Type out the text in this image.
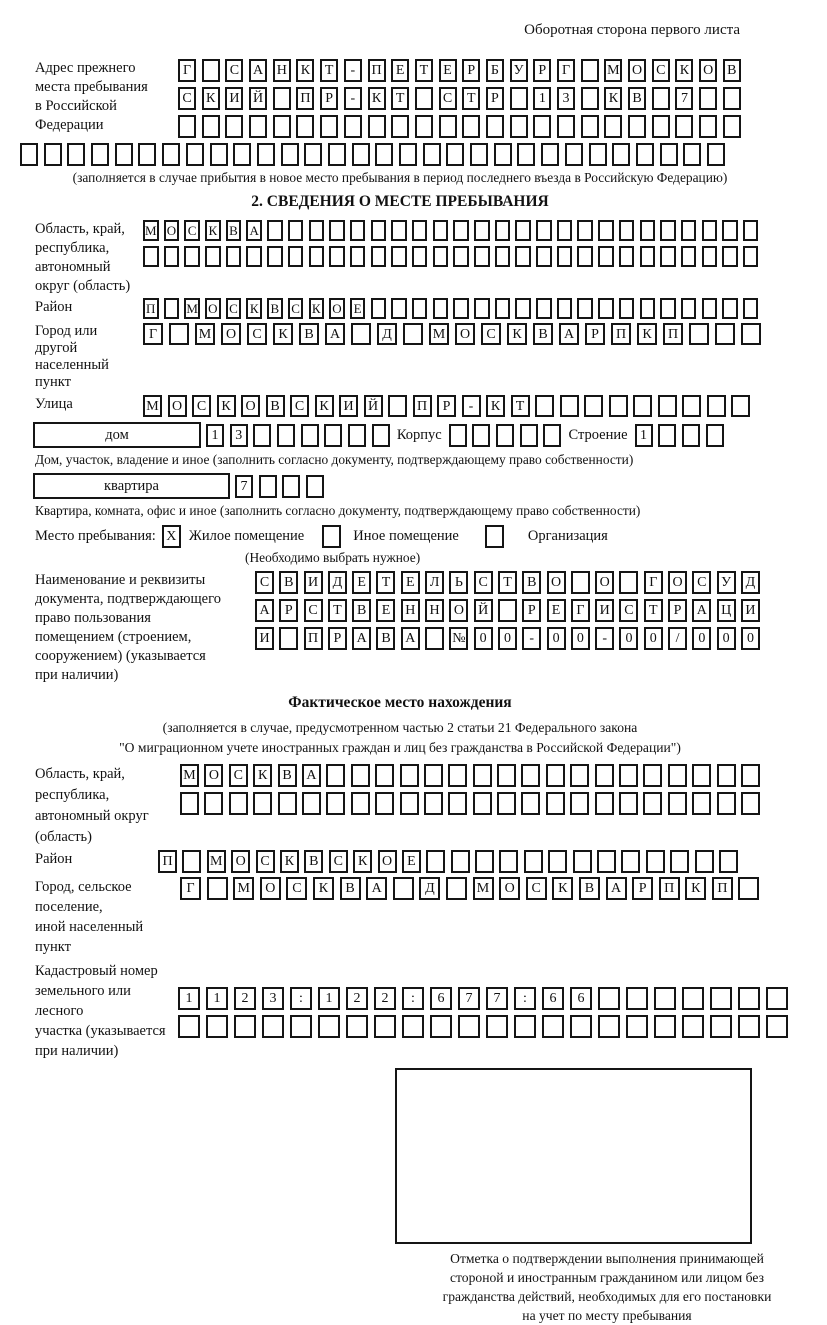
Оборотная сторона первого листа
Адрес прежнего
места пребывания
в Российской
Федерации
Г	С А Н К	Т	-	П	Е	Т	Е	Р	Б	У	Р	Г	М О С	К О В
С	К И Й	П	Р	-	К	Т	С	Т	Р	1	3	К	В	7
(заполняется в случае прибытия в новое место пребывания в период последнего въезда в Российскую Федерацию)
2. СВЕДЕНИЯ О МЕСТЕ ПРЕБЫВАНИЯ
Область, край,
республика,
автономный
округ (область)
М О С К В А
Район	П М О С К В С К О Е
Город или другой
населенный пункт
Г	М	О	С	К	В	А	Д	М	О	С	К	В	А	Р	П	К	П
Улица	М О	С	К	О	В	С	К	И	Й	П	Р	-	К	Т
дом	1	3	Корпус	Строение 1
Дом, участок, владение и иное (заполнить согласно документу, подтверждающему право собственности)
квартира	7
Квартира, комната, офис и иное (заполнить согласно документу, подтверждающему право собственности)
Место пребывания: X Жилое помещение	Иное помещение	Организация
(Необходимо выбрать нужное)
Наименование и реквизиты
документа, подтверждающего
право пользования
помещением (строением,
сооружением) (указывается
при наличии)
С	В	И	Д	Е	Т	Е	Л	Ь	С	Т	В	О	О	Г	О	С	У	Д
А	Р	С	Т	В	Е	Н	Н	О	Й	Р	Е	Г	И	С	Т	Р	А	Ц	И
И	П	Р	А	В	А	№	0	0	-	0	0	-	0	0	/	0	0	0
Фактическое место нахождения
(заполняется в случае, предусмотренном частью 2 статьи 21 Федерального закона
"О миграционном учете иностранных граждан и лиц без гражданства в Российской Федерации")
Область, край,
республика,
автономный округ
(область)
М О	С	К	В	А
Район	П	М О	С	К	В	С	К	О	Е
Город, сельское поселение,
иной населенный пункт
Г	М	О	С	К	В	А	Д	М	О	С	К	В	А	Р	П	К	П
Кадастровый номер
земельного или лесного
участка (указывается
при наличии)
1	1	2	3	:	1	2	2	:	6	7	7	:	6	6
Отметка о подтверждении выполнения принимающей
стороной и иностранным гражданином или лицом без
гражданства действий, необходимых для его постановки
на учет по месту пребывания
